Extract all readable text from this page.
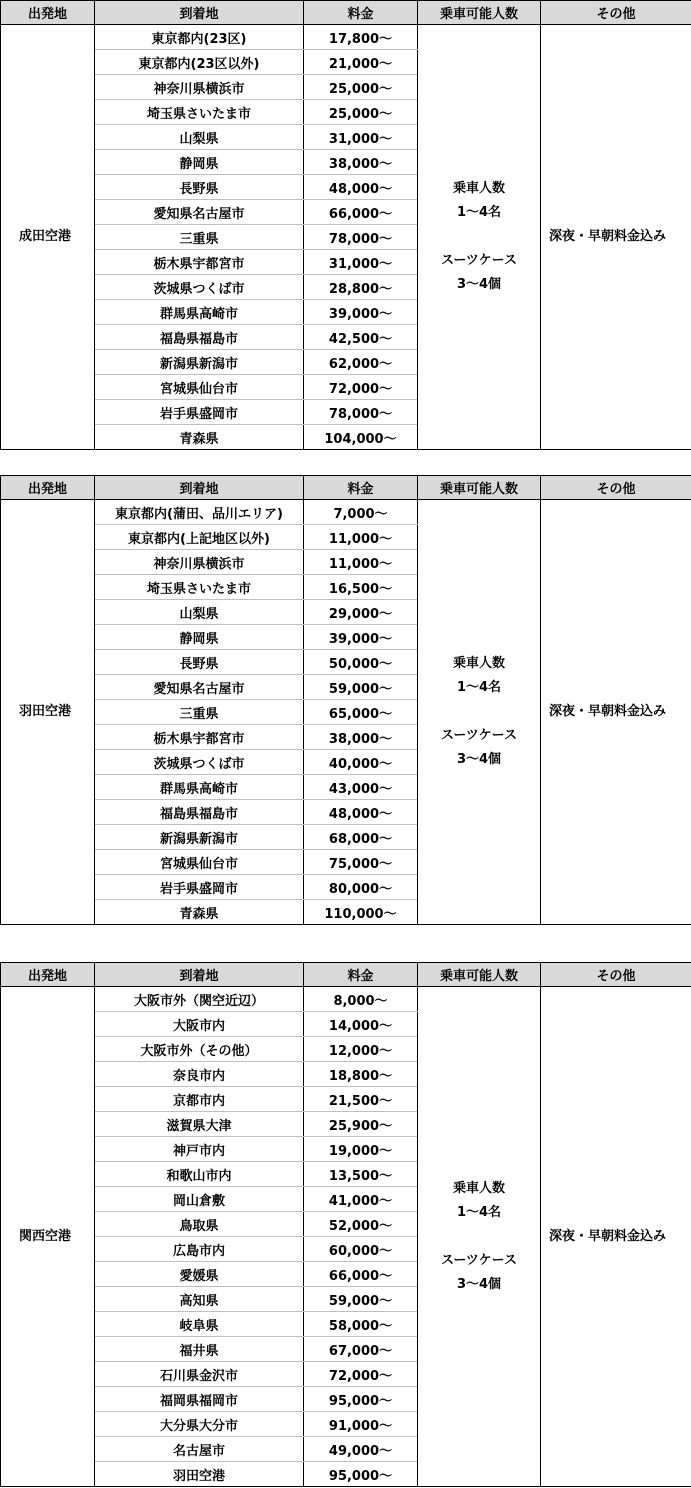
出発地	到着地	料金	乗車可能人数	その他
成田空港	東京都内(23区)	17,800～	乗車人数
1～4名

スーツケース
3～4個	深夜・早朝料金込み
	東京都内(23区以外)	21,000～		
	神奈川県横浜市	25,000～		
	埼玉県さいたま市	25,000～		
	山梨県	31,000～		
	静岡県	38,000～		
	長野県	48,000～		
	愛知県名古屋市	66,000～		
	三重県	78,000～		
	栃木県宇都宮市	31,000～		
	茨城県つくば市	28,800～		
	群馬県高崎市	39,000～		
	福島県福島市	42,500～		
	新潟県新潟市	62,000～		
	宮城県仙台市	72,000～		
	岩手県盛岡市	78,000～		
	青森県	104,000～		
出発地	到着地	料金	乗車可能人数	その他
羽田空港	東京都内(蒲田、品川エリア)	7,000～	乗車人数
1～4名

スーツケース
3～4個	深夜・早朝料金込み
	東京都内(上記地区以外)	11,000～		
	神奈川県横浜市	11,000～		
	埼玉県さいたま市	16,500～		
	山梨県	29,000～		
	静岡県	39,000～		
	長野県	50,000～		
	愛知県名古屋市	59,000～		
	三重県	65,000～		
	栃木県宇都宮市	38,000～		
	茨城県つくば市	40,000～		
	群馬県高崎市	43,000～		
	福島県福島市	48,000～		
	新潟県新潟市	68,000～		
	宮城県仙台市	75,000～		
	岩手県盛岡市	80,000～		
	青森県	110,000～		
出発地	到着地	料金	乗車可能人数	その他
関西空港	大阪市外（関空近辺）	8,000～	乗車人数
1～4名

スーツケース
3～4個	深夜・早朝料金込み
	大阪市内	14,000～		
	大阪市外（その他）	12,000～		
	奈良市内	18,800～		
	京都市内	21,500～		
	滋賀県大津	25,900～		
	神戸市内	19,000～		
	和歌山市内	13,500～		
	岡山倉敷	41,000～		
	鳥取県	52,000～		
	広島市内	60,000～		
	愛媛県	66,000～		
	高知県	59,000～		
	岐阜県	58,000～		
	福井県	67,000～		
	石川県金沢市	72,000～		
	福岡県福岡市	95,000～		
	大分県大分市	91,000～		
	名古屋市	49,000～		
	羽田空港	95,000～		
